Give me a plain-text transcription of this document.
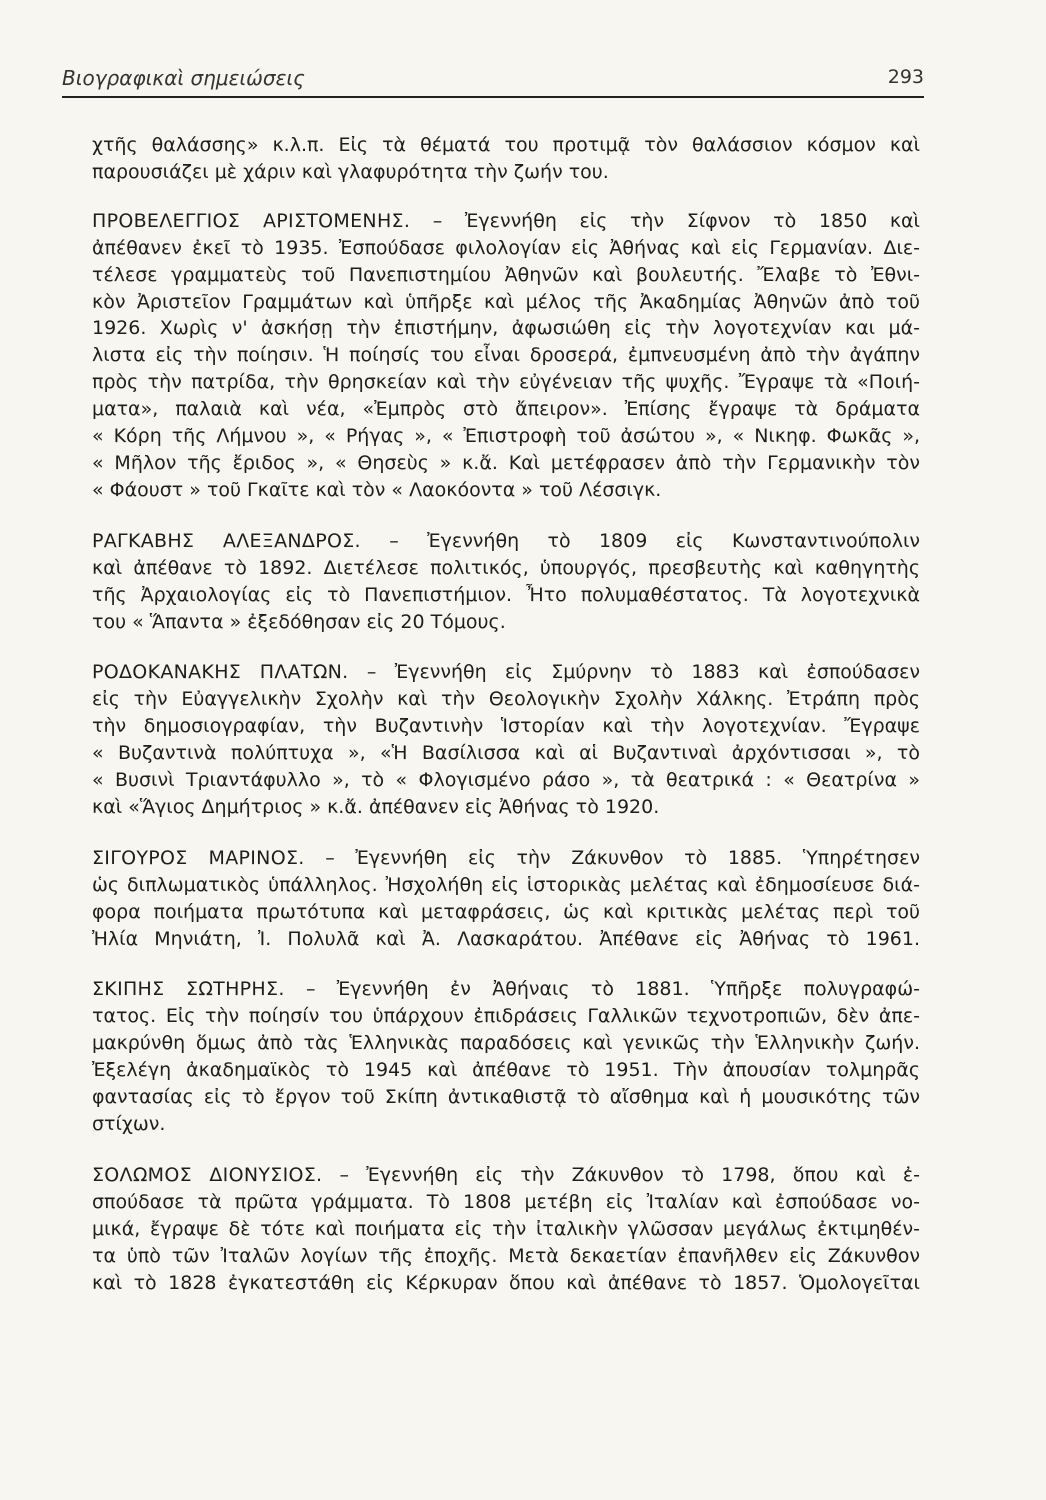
Βιογραφικαὶ σημειώσεις	293
χτῆς θαλάσσης» κ.λ.π. Εἰς τὰ θέματά του προτιμᾷ τὸν θαλάσσιον κόσμον καὶ
παρουσιάζει μὲ χάριν καὶ γλαφυρότητα τὴν ζωήν του.
ΠΡΟΒΕΛΕΓΓΙΟΣ ΑΡΙΣΤΟΜΕΝΗΣ. – Ἐγεννήθη εἰς τὴν Σίφνον τὸ 1850 καὶ
ἀπέθανεν ἐκεῖ τὸ 1935. Ἐσπούδασε φιλολογίαν εἰς Ἀθήνας καὶ εἰς Γερμανίαν. Διε-
τέλεσε γραμματεὺς τοῦ Πανεπιστημίου Ἀθηνῶν καὶ βουλευτής. Ἔλαβε τὸ Ἐθνι-
κὸν Ἀριστεῖον Γραμμάτων καὶ ὑπῆρξε καὶ μέλος τῆς Ἀκαδημίας Ἀθηνῶν ἀπὸ τοῦ
1926. Χωρὶς ν' ἀσκήσῃ τὴν ἐπιστήμην, ἀφωσιώθη εἰς τὴν λογοτεχνίαν και μά-
λιστα εἰς τὴν ποίησιν. Ἡ ποίησίς του εἶναι δροσερά, ἐμπνευσμένη ἀπὸ τὴν ἀγάπην
πρὸς τὴν πατρίδα, τὴν θρησκείαν καὶ τὴν εὐγένειαν τῆς ψυχῆς. Ἔγραψε τὰ «Ποιή-
ματα», παλαιὰ καὶ νέα, «Ἐμπρὸς στὸ ἄπειρον». Ἐπίσης ἔγραψε τὰ δράματα
« Κόρη τῆς Λήμνου », « Ρήγας », « Ἐπιστροφὴ τοῦ ἀσώτου », « Νικηφ. Φωκᾶς »,
« Μῆλον τῆς ἔριδος », « Θησεὺς » κ.ἄ. Καὶ μετέφρασεν ἀπὸ τὴν Γερμανικὴν τὸν
« Φάουστ » τοῦ Γκαῖτε καὶ τὸν « Λαοκόοντα » τοῦ Λέσσιγκ.
ΡΑΓΚΑΒΗΣ ΑΛΕΞΑΝΔΡΟΣ. – Ἐγεννήθη τὸ 1809 εἰς Κωνσταντινούπολιν
καὶ ἀπέθανε τὸ 1892. Διετέλεσε πολιτικός, ὑπουργός, πρεσβευτὴς καὶ καθηγητὴς
τῆς Ἀρχαιολογίας εἰς τὸ Πανεπιστήμιον. Ἦτο πολυμαθέστατος. Τὰ λογοτεχνικὰ
του « Ἅπαντα » ἐξεδόθησαν εἰς 20 Τόμους.
ΡΟΔΟΚΑΝΑΚΗΣ ΠΛΑΤΩΝ. – Ἐγεννήθη εἰς Σμύρνην τὸ 1883 καὶ ἐσπούδασεν
εἰς τὴν Εὐαγγελικὴν Σχολὴν καὶ τὴν Θεολογικὴν Σχολὴν Χάλκης. Ἐτράπη πρὸς
τὴν δημοσιογραφίαν, τὴν Βυζαντινὴν Ἱστορίαν καὶ τὴν λογοτεχνίαν. Ἔγραψε
« Βυζαντινὰ πολύπτυχα », «Ἡ Βασίλισσα καὶ αἱ Βυζαντιναὶ ἀρχόντισσαι », τὸ
« Βυσινὶ Τριαντάφυλλο », τὸ « Φλογισμένο ράσο », τὰ θεατρικά : « Θεατρίνα »
καὶ «Ἅγιος Δημήτριος » κ.ἄ. ἀπέθανεν εἰς Ἀθήνας τὸ 1920.
ΣΙΓΟΥΡΟΣ ΜΑΡΙΝΟΣ. – Ἐγεννήθη εἰς τὴν Ζάκυνθον τὸ 1885. Ὑπηρέτησεν
ὡς διπλωματικὸς ὑπάλληλος. Ἠσχολήθη εἰς ἱστορικὰς μελέτας καὶ ἐδημοσίευσε διά-
φορα ποιήματα πρωτότυπα καὶ μεταφράσεις, ὡς καὶ κριτικὰς μελέτας περὶ τοῦ
Ἠλία Μηνιάτη, Ἰ. Πολυλᾶ καὶ Ἀ. Λασκαράτου. Ἀπέθανε εἰς Ἀθήνας τὸ 1961.
ΣΚΙΠΗΣ ΣΩΤΗΡΗΣ. – Ἐγεννήθη ἐν Ἀθήναις τὸ 1881. Ὑπῆρξε πολυγραφώ-
τατος. Εἰς τὴν ποίησίν του ὑπάρχουν ἐπιδράσεις Γαλλικῶν τεχνοτροπιῶν, δὲν ἀπε-
μακρύνθη ὅμως ἀπὸ τὰς Ἑλληνικὰς παραδόσεις καὶ γενικῶς τὴν Ἑλληνικὴν ζωήν.
Ἐξελέγη ἀκαδημαϊκὸς τὸ 1945 καὶ ἀπέθανε τὸ 1951. Τὴν ἀπουσίαν τολμηρᾶς
φαντασίας εἰς τὸ ἔργον τοῦ Σκίπη ἀντικαθιστᾷ τὸ αἴσθημα καὶ ἡ μουσικότης τῶν
στίχων.
ΣΟΛΩΜΟΣ ΔΙΟΝΥΣΙΟΣ. – Ἐγεννήθη εἰς τὴν Ζάκυνθον τὸ 1798, ὅπου καὶ ἐ-
σπούδασε τὰ πρῶτα γράμματα. Τὸ 1808 μετέβη εἰς Ἰταλίαν καὶ ἐσπούδασε νο-
μικά, ἔγραψε δὲ τότε καὶ ποιήματα εἰς τὴν ἰταλικὴν γλῶσσαν μεγάλως ἐκτιμηθέν-
τα ὑπὸ τῶν Ἰταλῶν λογίων τῆς ἐποχῆς. Μετὰ δεκαετίαν ἐπανῆλθεν εἰς Ζάκυνθον
καὶ τὸ 1828 ἐγκατεστάθη εἰς Κέρκυραν ὅπου καὶ ἀπέθανε τὸ 1857. Ὁμολογεῖται
